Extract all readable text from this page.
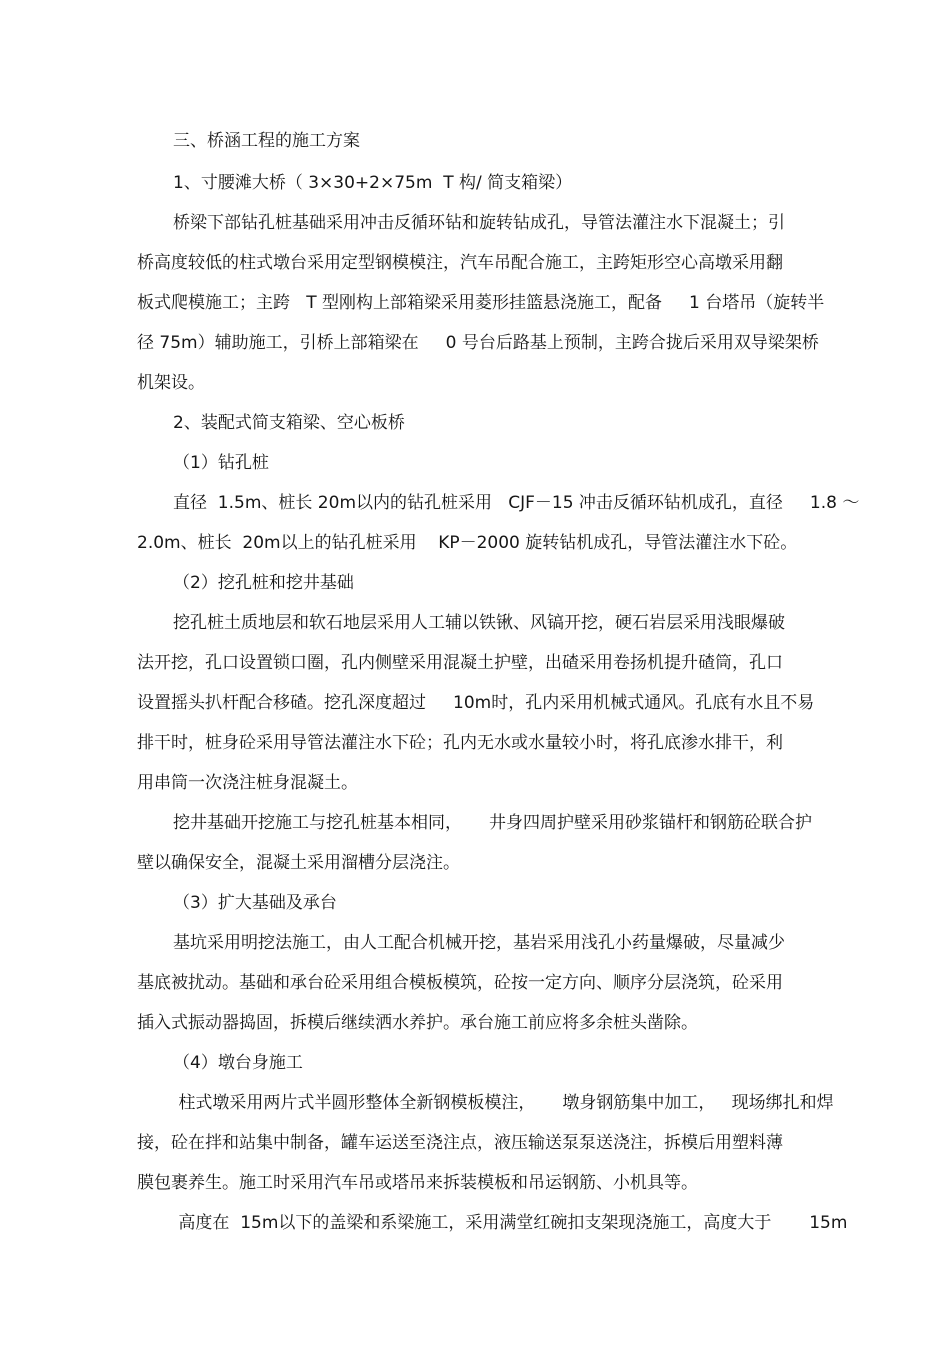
三、桥涵工程的施工方案
1、寸腰滩大桥（ 3×30+2×75m  T 构/ 简支箱梁）
桥梁下部钻孔桩基础采用冲击反循环钻和旋转钻成孔，导管法灌注水下混凝土；引
桥高度较低的柱式墩台采用定型钢模模注，汽车吊配合施工，主跨矩形空心高墩采用翻
板式爬模施工；主跨   T 型刚构上部箱梁采用菱形挂篮悬浇施工，配备     1 台塔吊（旋转半
径 75m）辅助施工，引桥上部箱梁在     0 号台后路基上预制，主跨合拢后采用双导梁架桥
机架设。
2、装配式简支箱梁、空心板桥
（1）钻孔桩
直径  1.5m、桩长 20m以内的钻孔桩采用   CJF－15 冲击反循环钻机成孔，直径     1.8 ～
2.0m、桩长  20m以上的钻孔桩采用    KP－2000 旋转钻机成孔，导管法灌注水下砼。
（2）挖孔桩和挖井基础
挖孔桩土质地层和软石地层采用人工辅以铁锹、风镐开挖，硬石岩层采用浅眼爆破
法开挖，孔口设置锁口圈，孔内侧壁采用混凝土护壁，出碴采用卷扬机提升碴筒，孔口
设置摇头扒杆配合移碴。挖孔深度超过     10m时，孔内采用机械式通风。孔底有水且不易
排干时，桩身砼采用导管法灌注水下砼；孔内无水或水量较小时，将孔底渗水排干，利
用串筒一次浇注桩身混凝土。
挖井基础开挖施工与挖孔桩基本相同，     井身四周护壁采用砂浆锚杆和钢筋砼联合护
壁以确保安全，混凝土采用溜槽分层浇注。
（3）扩大基础及承台
基坑采用明挖法施工，由人工配合机械开挖，基岩采用浅孔小药量爆破，尽量减少
基底被扰动。基础和承台砼采用组合模板模筑，砼按一定方向、顺序分层浇筑，砼采用
插入式振动器捣固，拆模后继续洒水养护。承台施工前应将多余桩头凿除。
（4）墩台身施工
柱式墩采用两片式半圆形整体全新钢模板模注，     墩身钢筋集中加工，   现场绑扎和焊
接，砼在拌和站集中制备，罐车运送至浇注点，液压输送泵泵送浇注，拆模后用塑料薄
膜包裹养生。施工时采用汽车吊或塔吊来拆装模板和吊运钢筋、小机具等。
高度在  15m以下的盖梁和系梁施工，采用满堂红碗扣支架现浇施工，高度大于       15m
